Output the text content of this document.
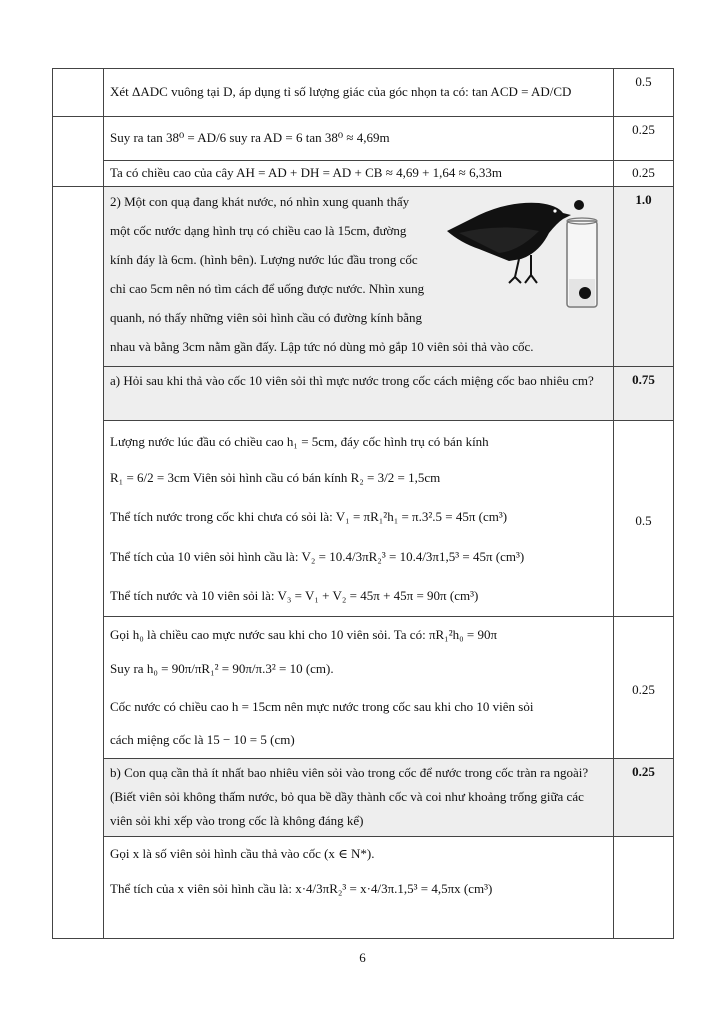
	Xét ΔADC vuông tại D, áp dụng tỉ số lượng giác của góc nhọn ta có: tan ACD = AD/CD	0.5

	Suy ra tan 38⁰ = AD/6 suy ra AD = 6 tan 38⁰ ≈ 4,69m	0.25

	Ta có chiều cao của cây AH = AD + DH = AD + CB ≈ 4,69 + 1,64 ≈ 6,33m	0.25

	2) Một con quạ đang khát nước, nó nhìn xung quanh thấy một cốc nước dạng hình trụ có chiều cao là 15cm, đường kính đáy là 6cm. (hình bên). Lượng nước lúc đầu trong cốc chỉ cao 5cm nên nó tìm cách để uống được nước. Nhìn xung quanh, nó thấy những viên sỏi hình cầu có đường kính bằng nhau và bằng 3cm nằm gần đấy. Lập tức nó dùng mỏ gắp 10 viên sỏi thả vào cốc.	1.0

	a) Hỏi sau khi thả vào cốc 10 viên sỏi thì mực nước trong cốc cách miệng cốc bao nhiêu cm?	0.75

	Lượng nước lúc đầu có chiều cao h₁ = 5cm, đáy cốc hình trụ có bán kính
R₁ = 6/2 = 3cm Viên sỏi hình cầu có bán kính R₂ = 3/2 = 1,5cm
Thể tích nước trong cốc khi chưa có sỏi là: V₁ = πR₁²h₁ = π.3².5 = 45π (cm³)
Thể tích của 10 viên sỏi hình cầu là: V₂ = 10.4/3πR₂³ = 10.4/3π1,5³ = 45π (cm³)
Thể tích nước và 10 viên sỏi là: V₃ = V₁ + V₂ = 45π + 45π = 90π (cm³)	0.5

	Gọi h₀ là chiều cao mực nước sau khi cho 10 viên sỏi. Ta có: πR₁²h₀ = 90π
Suy ra h₀ = 90π/πR₁² = 90π/π.3² = 10 (cm).
Cốc nước có chiều cao h = 15cm nên mực nước trong cốc sau khi cho 10 viên sỏi
cách miệng cốc là 15 − 10 = 5 (cm)	0.25

	b) Con quạ cần thả ít nhất bao nhiêu viên sỏi vào trong cốc để nước trong cốc tràn ra ngoài? (Biết viên sỏi không thấm nước, bỏ qua bề dầy thành cốc và coi như khoảng trống giữa các viên sỏi khi xếp vào trong cốc là không đáng kể)	0.25

	Gọi x là số viên sỏi hình cầu thả vào cốc (x ∈ N*).
Thể tích của x viên sỏi hình cầu là: x·4/3πR₂³ = x·4/3π.1,5³ = 4,5πx (cm³)	

6
